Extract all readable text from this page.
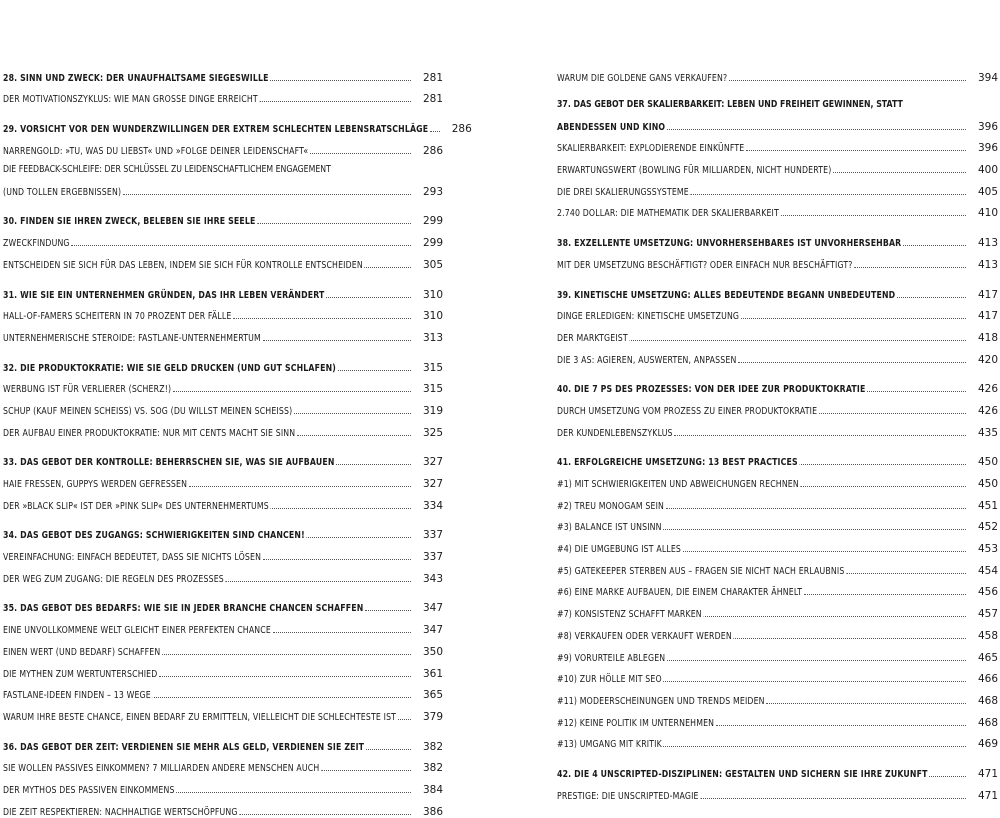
28. SINN UND ZWECK: DER UNAUFHALTSAME SIEGESWILLE	281
DER MOTIVATIONSZYKLUS: WIE MAN GROSSE DINGE ERREICHT	281
29. VORSICHT VOR DEN WUNDERZWILLINGEN DER EXTREM SCHLECHTEN LEBENSRATSCHLÄGE	286
NARRENGOLD: »TU, WAS DU LIEBST« UND »FOLGE DEINER LEIDENSCHAFT«	286
DIE FEEDBACK-SCHLEIFE: DER SCHLÜSSEL ZU LEIDENSCHAFTLICHEM ENGAGEMENT
(UND TOLLEN ERGEBNISSEN)	293
30. FINDEN SIE IHREN ZWECK, BELEBEN SIE IHRE SEELE	299
ZWECKFINDUNG	299
ENTSCHEIDEN SIE SICH FÜR DAS LEBEN, INDEM SIE SICH FÜR KONTROLLE ENTSCHEIDEN	305
31. WIE SIE EIN UNTERNEHMEN GRÜNDEN, DAS IHR LEBEN VERÄNDERT	310
HALL-OF-FAMERS SCHEITERN IN 70 PROZENT DER FÄLLE	310
UNTERNEHMERISCHE STEROIDE: FASTLANE-UNTERNEHMERTUM	313
32. DIE PRODUKTOKRATIE: WIE SIE GELD DRUCKEN (UND GUT SCHLAFEN)	315
WERBUNG IST FÜR VERLIERER (SCHERZ!)	315
SCHUP (KAUF MEINEN SCHEISS) VS. SOG (DU WILLST MEINEN SCHEISS)	319
DER AUFBAU EINER PRODUKTOKRATIE: NUR MIT CENTS MACHT SIE SINN	325
33. DAS GEBOT DER KONTROLLE: BEHERRSCHEN SIE, WAS SIE AUFBAUEN	327
HAIE FRESSEN, GUPPYS WERDEN GEFRESSEN	327
DER »BLACK SLIP« IST DER »PINK SLIP« DES UNTERNEHMERTUMS	334
34. DAS GEBOT DES ZUGANGS: SCHWIERIGKEITEN SIND CHANCEN!	337
VEREINFACHUNG: EINFACH BEDEUTET, DASS SIE NICHTS LÖSEN	337
DER WEG ZUM ZUGANG: DIE REGELN DES PROZESSES	343
35. DAS GEBOT DES BEDARFS: WIE SIE IN JEDER BRANCHE CHANCEN SCHAFFEN	347
EINE UNVOLLKOMMENE WELT GLEICHT EINER PERFEKTEN CHANCE	347
EINEN WERT (UND BEDARF) SCHAFFEN	350
DIE MYTHEN ZUM WERTUNTERSCHIED	361
FASTLANE-IDEEN FINDEN – 13 WEGE	365
WARUM IHRE BESTE CHANCE, EINEN BEDARF ZU ERMITTELN, VIELLEICHT DIE SCHLECHTESTE IST	379
36. DAS GEBOT DER ZEIT: VERDIENEN SIE MEHR ALS GELD, VERDIENEN SIE ZEIT	382
SIE WOLLEN PASSIVES EINKOMMEN? 7 MILLIARDEN ANDERE MENSCHEN AUCH	382
DER MYTHOS DES PASSIVEN EINKOMMENS	384
DIE ZEIT RESPEKTIEREN: NACHHALTIGE WERTSCHÖPFUNG	386
WARUM DIE GOLDENE GANS VERKAUFEN?	394
37. DAS GEBOT DER SKALIERBARKEIT: LEBEN UND FREIHEIT GEWINNEN, STATT
ABENDESSEN UND KINO	396
SKALIERBARKEIT: EXPLODIERENDE EINKÜNFTE	396
ERWARTUNGSWERT (BOWLING FÜR MILLIARDEN, NICHT HUNDERTE)	400
DIE DREI SKALIERUNGSSYSTEME	405
2.740 DOLLAR: DIE MATHEMATIK DER SKALIERBARKEIT	410
38. EXZELLENTE UMSETZUNG: UNVORHERSEHBARES IST UNVORHERSEHBAR	413
MIT DER UMSETZUNG BESCHÄFTIGT? ODER EINFACH NUR BESCHÄFTIGT?	413
39. KINETISCHE UMSETZUNG: ALLES BEDEUTENDE BEGANN UNBEDEUTEND	417
DINGE ERLEDIGEN: KINETISCHE UMSETZUNG	417
DER MARKTGEIST	418
DIE 3 AS: AGIEREN, AUSWERTEN, ANPASSEN	420
40. DIE 7 PS DES PROZESSES: VON DER IDEE ZUR PRODUKTOKRATIE	426
DURCH UMSETZUNG VOM PROZESS ZU EINER PRODUKTOKRATIE	426
DER KUNDENLEBENSZYKLUS	435
41. ERFOLGREICHE UMSETZUNG: 13 BEST PRACTICES	450
#1) MIT SCHWIERIGKEITEN UND ABWEICHUNGEN RECHNEN	450
#2) TREU MONOGAM SEIN	451
#3) BALANCE IST UNSINN	452
#4) DIE UMGEBUNG IST ALLES	453
#5) GATEKEEPER STERBEN AUS – FRAGEN SIE NICHT NACH ERLAUBNIS	454
#6) EINE MARKE AUFBAUEN, DIE EINEM CHARAKTER ÄHNELT	456
#7) KONSISTENZ SCHAFFT MARKEN	457
#8) VERKAUFEN ODER VERKAUFT WERDEN	458
#9) VORURTEILE ABLEGEN	465
#10) ZUR HÖLLE MIT SEO	466
#11) MODEERSCHEINUNGEN UND TRENDS MEIDEN	468
#12) KEINE POLITIK IM UNTERNEHMEN	468
#13) UMGANG MIT KRITIK	469
42. DIE 4 UNSCRIPTED-DISZIPLINEN: GESTALTEN UND SICHERN SIE IHRE ZUKUNFT	471
PRESTIGE: DIE UNSCRIPTED-MAGIE	471
